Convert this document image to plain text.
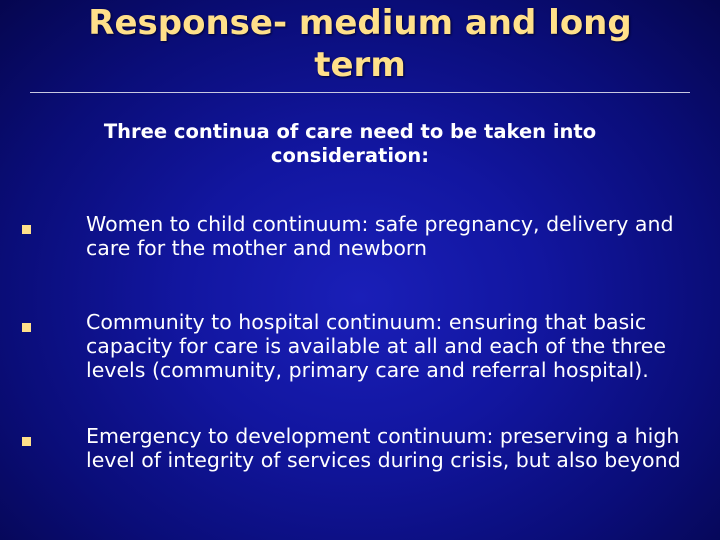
Response- medium and long term
Three continua of care need to be taken into consideration:
Women to child continuum: safe pregnancy, delivery and care for the mother and newborn
Community to hospital continuum: ensuring that basic capacity for care is available at all and each of the three levels (community, primary care and referral hospital).
Emergency to development continuum: preserving a high level of integrity of services during crisis, but also beyond
